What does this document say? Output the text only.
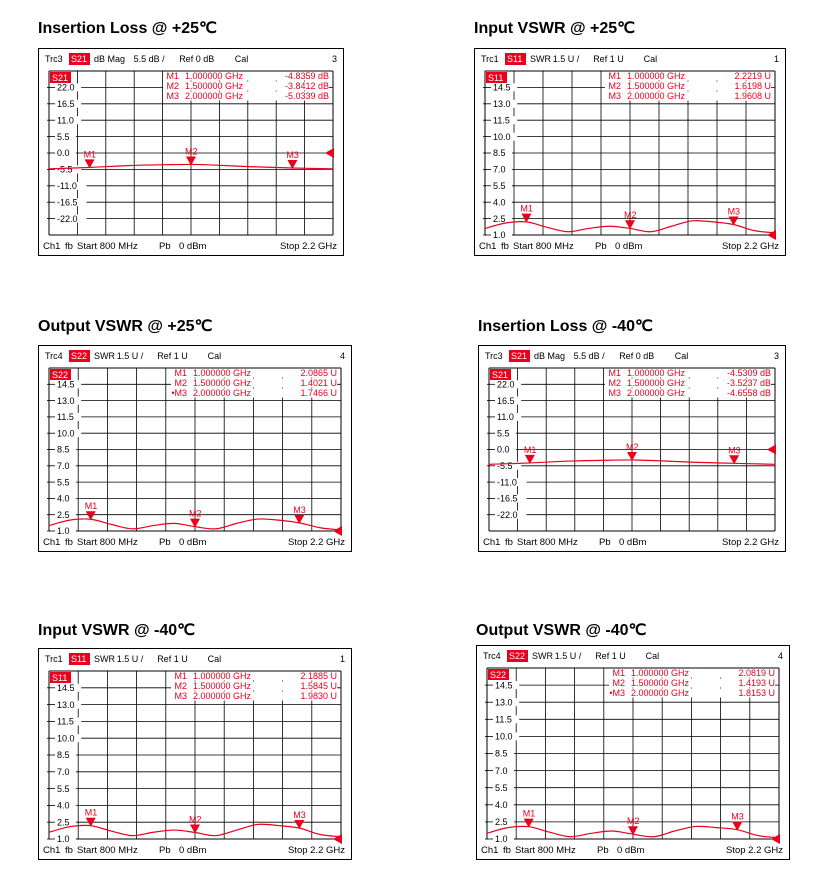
Insertion Loss @ +25℃
Trc3 S21 dB Mag 5.5 dB / Ref 0 dB Cal	3
22.0
16.5
11.0
5.5
0.0
-5.5
-11.0
-16.5
-22.0
S21	M1 1.000000 GHz	-4.8359 dB
M2 1.500000 GHz	-3.8412 dB
M3 2.000000 GHz	-5.0339 dB
M1	M2	M3
Ch1 fb Start 800 MHz Pb 0 dBm	Stop 2.2 GHz
Input VSWR @ +25℃
Trc1 S11 SWR 1.5 U / Ref 1 U Cal	1
14.5
13.0
11.5
10.0
8.5
7.0
5.5
4.0
2.5
1.0
S11	M1 1.000000 GHz	2.2219 U
M2 1.500000 GHz	1.6198 U
M3 2.000000 GHz	1.9608 U
M1
M2	M3
Ch1 fb Start 800 MHz Pb 0 dBm	Stop 2.2 GHz
Output VSWR @ +25℃
Trc4 S22 SWR 1.5 U / Ref 1 U Cal	4
14.5
13.0
11.5
10.0
8.5
7.0
5.5
4.0
2.5
1.0
S22	M1 1.000000 GHz	2.0865 U
M2 1.500000 GHz	1.4021 U
•M3 2.000000 GHz	1.7466 U
M1
M2	M3
Ch1 fb Start 800 MHz Pb 0 dBm	Stop 2.2 GHz
Insertion Loss @ -40℃
Trc3 S21 dB Mag 5.5 dB / Ref 0 dB Cal	3
22.0
16.5
11.0
5.5
0.0
-5.5
-11.0
-16.5
-22.0
S21	M1 1.000000 GHz	-4.5309 dB
M2 1.500000 GHz	-3.5237 dB
M3 2.000000 GHz	-4.6558 dB
M1	M2	M3
Ch1 fb Start 800 MHz Pb 0 dBm	Stop 2.2 GHz
Input VSWR @ -40℃
Trc1 S11 SWR 1.5 U / Ref 1 U Cal	1
14.5
13.0
11.5
10.0
8.5
7.0
5.5
4.0
2.5
1.0
S11	M1 1.000000 GHz	2.1885 U
M2 1.500000 GHz	1.5845 U
M3 2.000000 GHz	1.9830 U
M1
M2	M3
Ch1 fb Start 800 MHz Pb 0 dBm	Stop 2.2 GHz
Output VSWR @ -40℃
Trc4 S22 SWR 1.5 U / Ref 1 U Cal	4
14.5
13.0
11.5
10.0
8.5
7.0
5.5
4.0
2.5
1.0
S22	M1 1.000000 GHz	2.0819 U
M2 1.500000 GHz	1.4193 U
•M3 2.000000 GHz	1.8153 U
M1
M2	M3
Ch1 fb Start 800 MHz Pb 0 dBm	Stop 2.2 GHz
